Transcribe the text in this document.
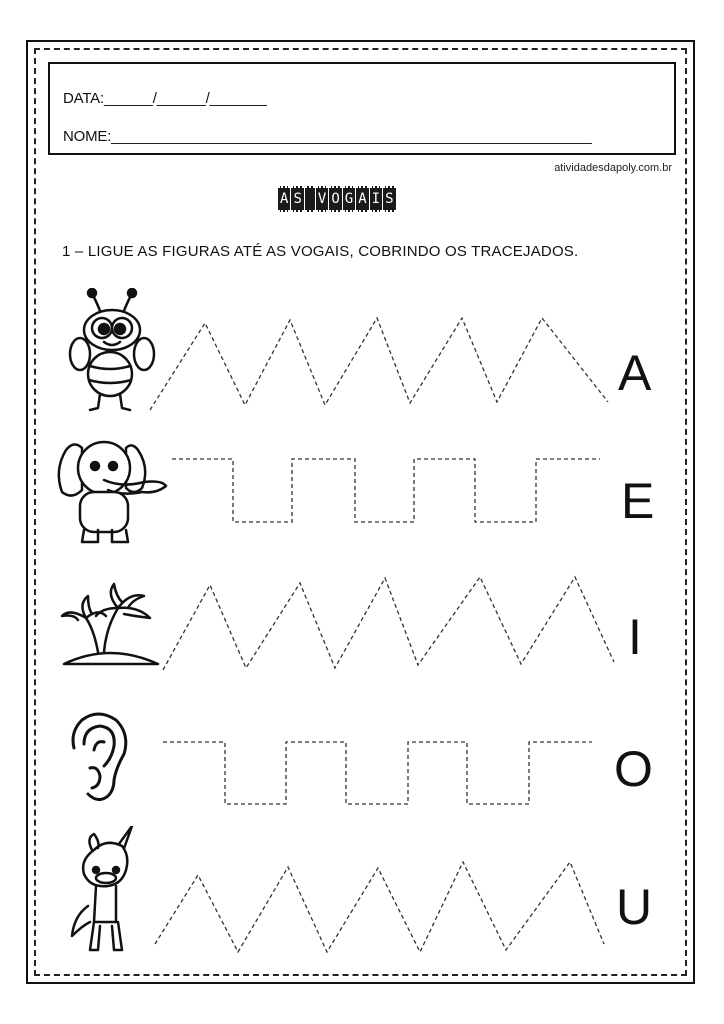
DATA:______/______/_______
NOME:___________________________________________________________
atividadesdapoly.com.br
A S V O G A I S
1 – LIGUE AS FIGURAS ATÉ AS VOGAIS, COBRINDO OS TRACEJADOS.
A
E
I
O
U
